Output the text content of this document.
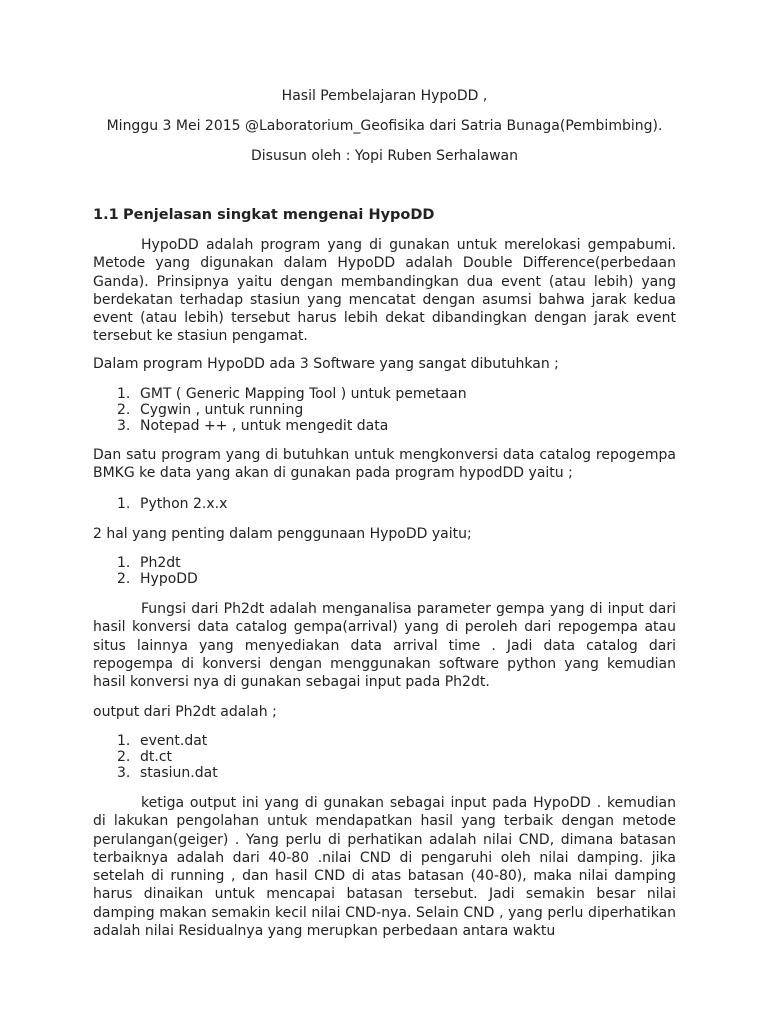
Hasil Pembelajaran HypoDD ,

Minggu 3 Mei 2015 @Laboratorium_Geofisika dari Satria Bunaga(Pembimbing).

Disusun oleh : Yopi Ruben Serhalawan

1.1 Penjelasan singkat mengenai HypoDD

HypoDD adalah program yang di gunakan untuk merelokasi gempabumi. Metode yang digunakan dalam HypoDD adalah Double Difference(perbedaan Ganda). Prinsipnya yaitu dengan membandingkan dua event (atau lebih) yang berdekatan terhadap stasiun yang mencatat dengan asumsi bahwa jarak kedua event (atau lebih) tersebut harus lebih dekat dibandingkan dengan jarak event tersebut ke stasiun pengamat.

Dalam program HypoDD ada 3 Software yang sangat dibutuhkan ;

1. GMT ( Generic Mapping Tool ) untuk pemetaan
2. Cygwin , untuk running
3. Notepad ++ , untuk mengedit data

Dan satu program yang di butuhkan untuk mengkonversi data catalog repogempa BMKG ke data yang akan di gunakan pada program hypodDD yaitu ;

1. Python 2.x.x

2 hal yang penting dalam penggunaan HypoDD yaitu;

1. Ph2dt
2. HypoDD

Fungsi dari Ph2dt adalah menganalisa parameter gempa yang di input dari hasil konversi data catalog gempa(arrival) yang di peroleh dari repogempa atau situs lainnya yang menyediakan data arrival time . Jadi data catalog dari repogempa di konversi dengan menggunakan software python yang kemudian hasil konversi nya di gunakan sebagai input pada Ph2dt.

output dari Ph2dt adalah ;

1. event.dat
2. dt.ct
3. stasiun.dat

ketiga output ini yang di gunakan sebagai input pada HypoDD . kemudian di lakukan pengolahan untuk mendapatkan hasil yang terbaik dengan metode perulangan(geiger) . Yang perlu di perhatikan adalah nilai CND, dimana batasan terbaiknya adalah dari 40-80 .nilai CND di pengaruhi oleh nilai damping. jika setelah di running , dan hasil CND di atas batasan (40-80), maka nilai damping harus dinaikan untuk mencapai batasan tersebut. Jadi semakin besar nilai damping makan semakin kecil nilai CND-nya. Selain CND , yang perlu diperhatikan adalah nilai Residualnya yang merupkan perbedaan antara waktu
